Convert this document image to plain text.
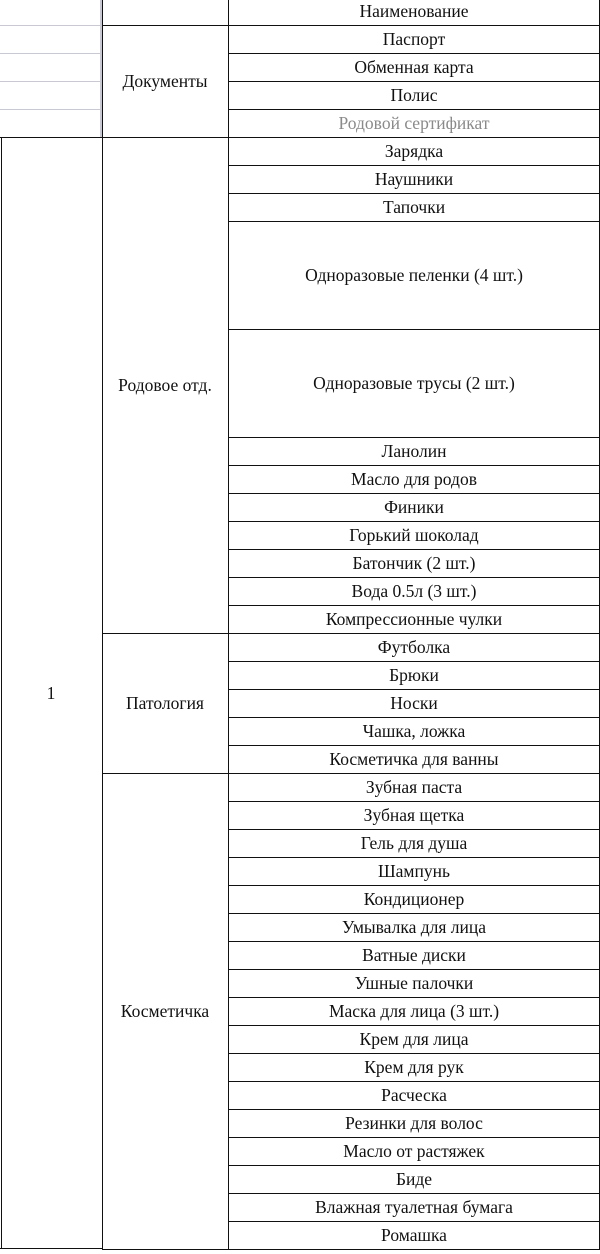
Наименование
Паспорт
Обменная карта
Полис
Родовой сертификат
Документы
Зарядка
Наушники
Тапочки
Одноразовые пеленки (4 шт.)
Одноразовые трусы (2 шт.)
Ланолин
Масло для родов
Финики
Горький шоколад
Батончик (2 шт.)
Вода 0.5л (3 шт.)
Компрессионные чулки
Родовое отд.
Футболка
Брюки
Носки
Чашка, ложка
Косметичка для ванны
Патология
Зубная паста
Зубная щетка
Гель для душа
Шампунь
Кондиционер
Умывалка для лица
Ватные диски
Ушные палочки
Маска для лица (3 шт.)
Крем для лица
Крем для рук
Расческа
Резинки для волос
Масло от растяжек
Биде
Влажная туалетная бумага
Ромашка
Косметичка
1
